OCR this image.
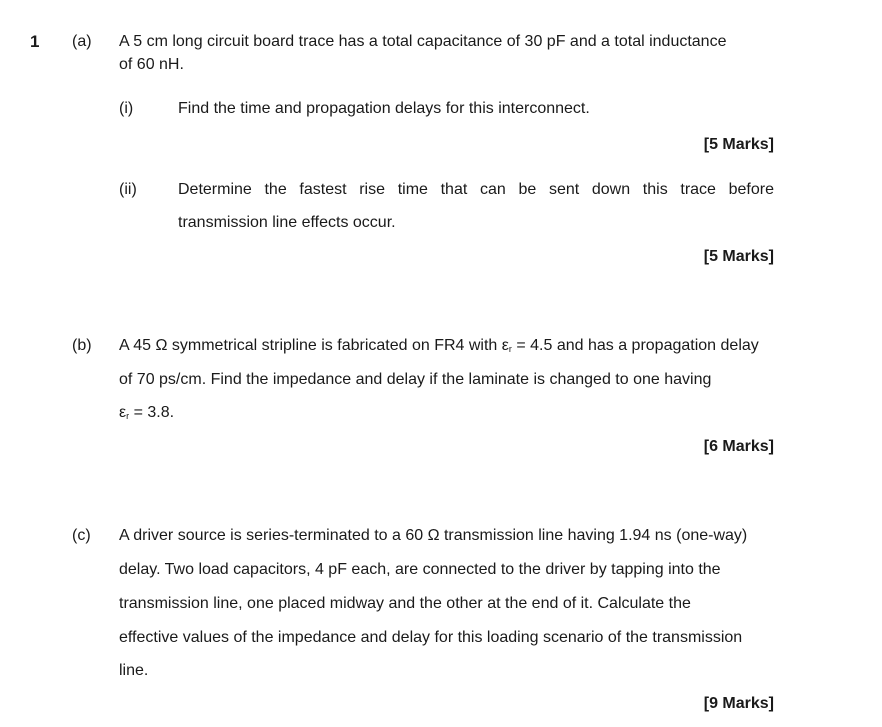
1 (a) A 5 cm long circuit board trace has a total capacitance of 30 pF and a total inductance
of 60 nH.
(i)	Find the time and propagation delays for this interconnect.
[5 Marks]
(ii)	Determine the fastest rise time that can be sent down this trace before
transmission line effects occur.
[5 Marks]
(b) A 45 Ω symmetrical stripline is fabricated on FR4 with $\varepsilon_r = 4.5$ and has a propagation delay
of 70 ps/cm. Find the impedance and delay if the laminate is changed to one having
$\varepsilon_r = 3.8$.
[6 Marks]
(c) A driver source is series-terminated to a 60 Ω transmission line having 1.94 ns (one-way)
delay. Two load capacitors, 4 pF each, are connected to the driver by tapping into the
transmission line, one placed midway and the other at the end of it. Calculate the
effective values of the impedance and delay for this loading scenario of the transmission
line.
[9 Marks]
